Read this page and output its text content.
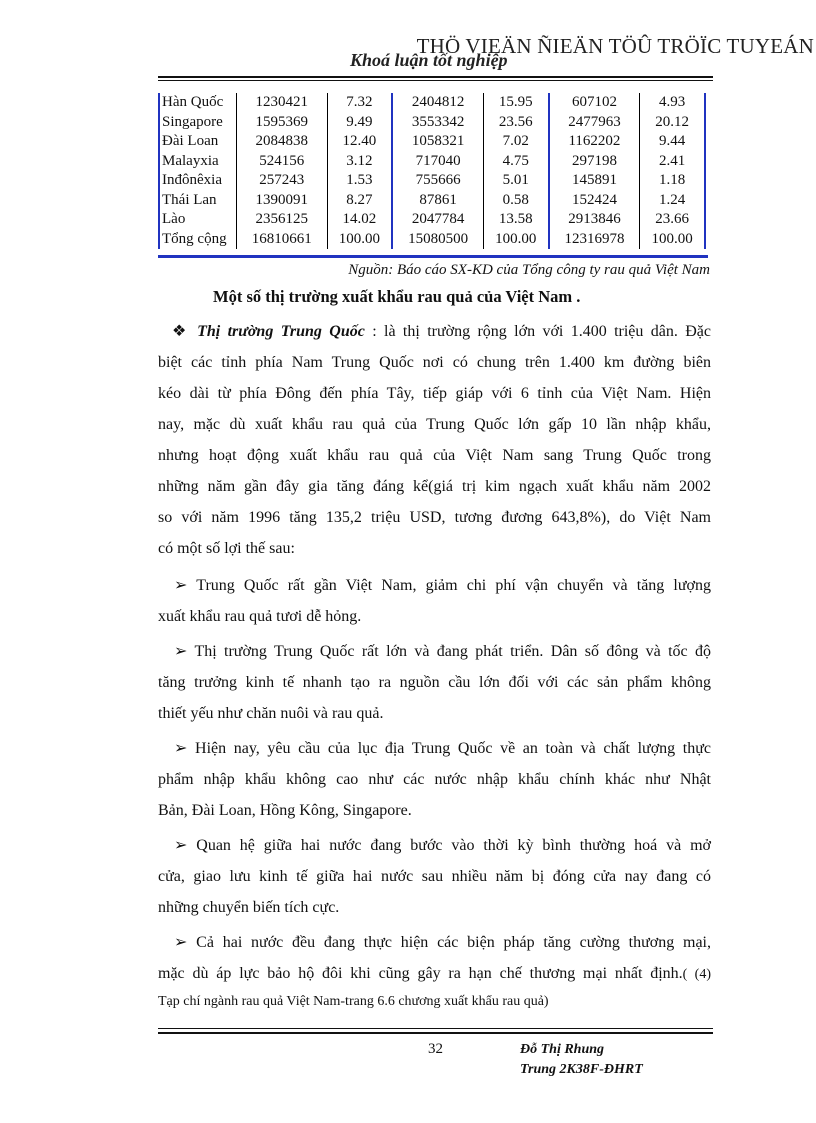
THÖ VIEÄN ÑIEÄN TÖÛ TRÖÏC TUYEÁN
Khoá luận tốt nghiệp
Hàn Quốc	1230421	7.32	2404812	15.95	607102	4.93
Singapore	1595369	9.49	3553342	23.56	2477963	20.12
Đài Loan	2084838	12.40	1058321	7.02	1162202	9.44
Malayxia	524156	3.12	717040	4.75	297198	2.41
Inđônêxia	257243	1.53	755666	5.01	145891	1.18
Thái Lan	1390091	8.27	87861	0.58	152424	1.24
Lào	2356125	14.02	2047784	13.58	2913846	23.66
Tổng cộng	16810661	100.00	15080500	100.00	12316978	100.00
Nguồn: Báo cáo SX-KD của Tổng công ty rau quả Việt Nam
Một số thị trường xuất khẩu rau quả của Việt Nam .
❖ Thị trường Trung Quốc : là thị trường rộng lớn với 1.400 triệu dân. Đặc
biệt các tỉnh phía Nam Trung Quốc nơi có chung trên 1.400 km đường biên
kéo dài từ phía Đông đến phía Tây, tiếp giáp với 6 tỉnh của Việt Nam. Hiện
nay, mặc dù xuất khẩu rau quả của Trung Quốc lớn gấp 10 lần nhập khẩu,
nhưng hoạt động xuất khẩu rau quả của Việt Nam sang Trung Quốc trong
những năm gần đây gia tăng đáng kể(giá trị kim ngạch xuất khẩu năm 2002
so với năm 1996 tăng 135,2 triệu USD, tương đương 643,8%), do Việt Nam
có một số lợi thế sau:
➢ Trung Quốc rất gần Việt Nam, giảm chi phí vận chuyển và tăng lượng
xuất khẩu rau quả tươi dễ hỏng.
➢ Thị trường Trung Quốc rất lớn và đang phát triển. Dân số đông và tốc độ
tăng trưởng kinh tế nhanh tạo ra nguồn cầu lớn đối với các sản phẩm không
thiết yếu như chăn nuôi và rau quả.
➢ Hiện nay, yêu cầu của lục địa Trung Quốc về an toàn và chất lượng thực
phẩm nhập khẩu không cao như các nước nhập khẩu chính khác như Nhật
Bản, Đài Loan, Hồng Kông, Singapore.
➢ Quan hệ giữa hai nước đang bước vào thời kỳ bình thường hoá và mở
cửa, giao lưu kinh tế giữa hai nước sau nhiều năm bị đóng cửa nay đang có
những chuyển biến tích cực.
➢ Cả hai nước đều đang thực hiện các biện pháp tăng cường thương mại,
mặc dù áp lực bảo hộ đôi khi cũng gây ra hạn chế thương mại nhất định.( (4)
Tạp chí ngành rau quả Việt Nam-trang 6.6 chương xuất khẩu rau quả)
32	Đỗ Thị Rhung
Trung 2K38F-ĐHRT
